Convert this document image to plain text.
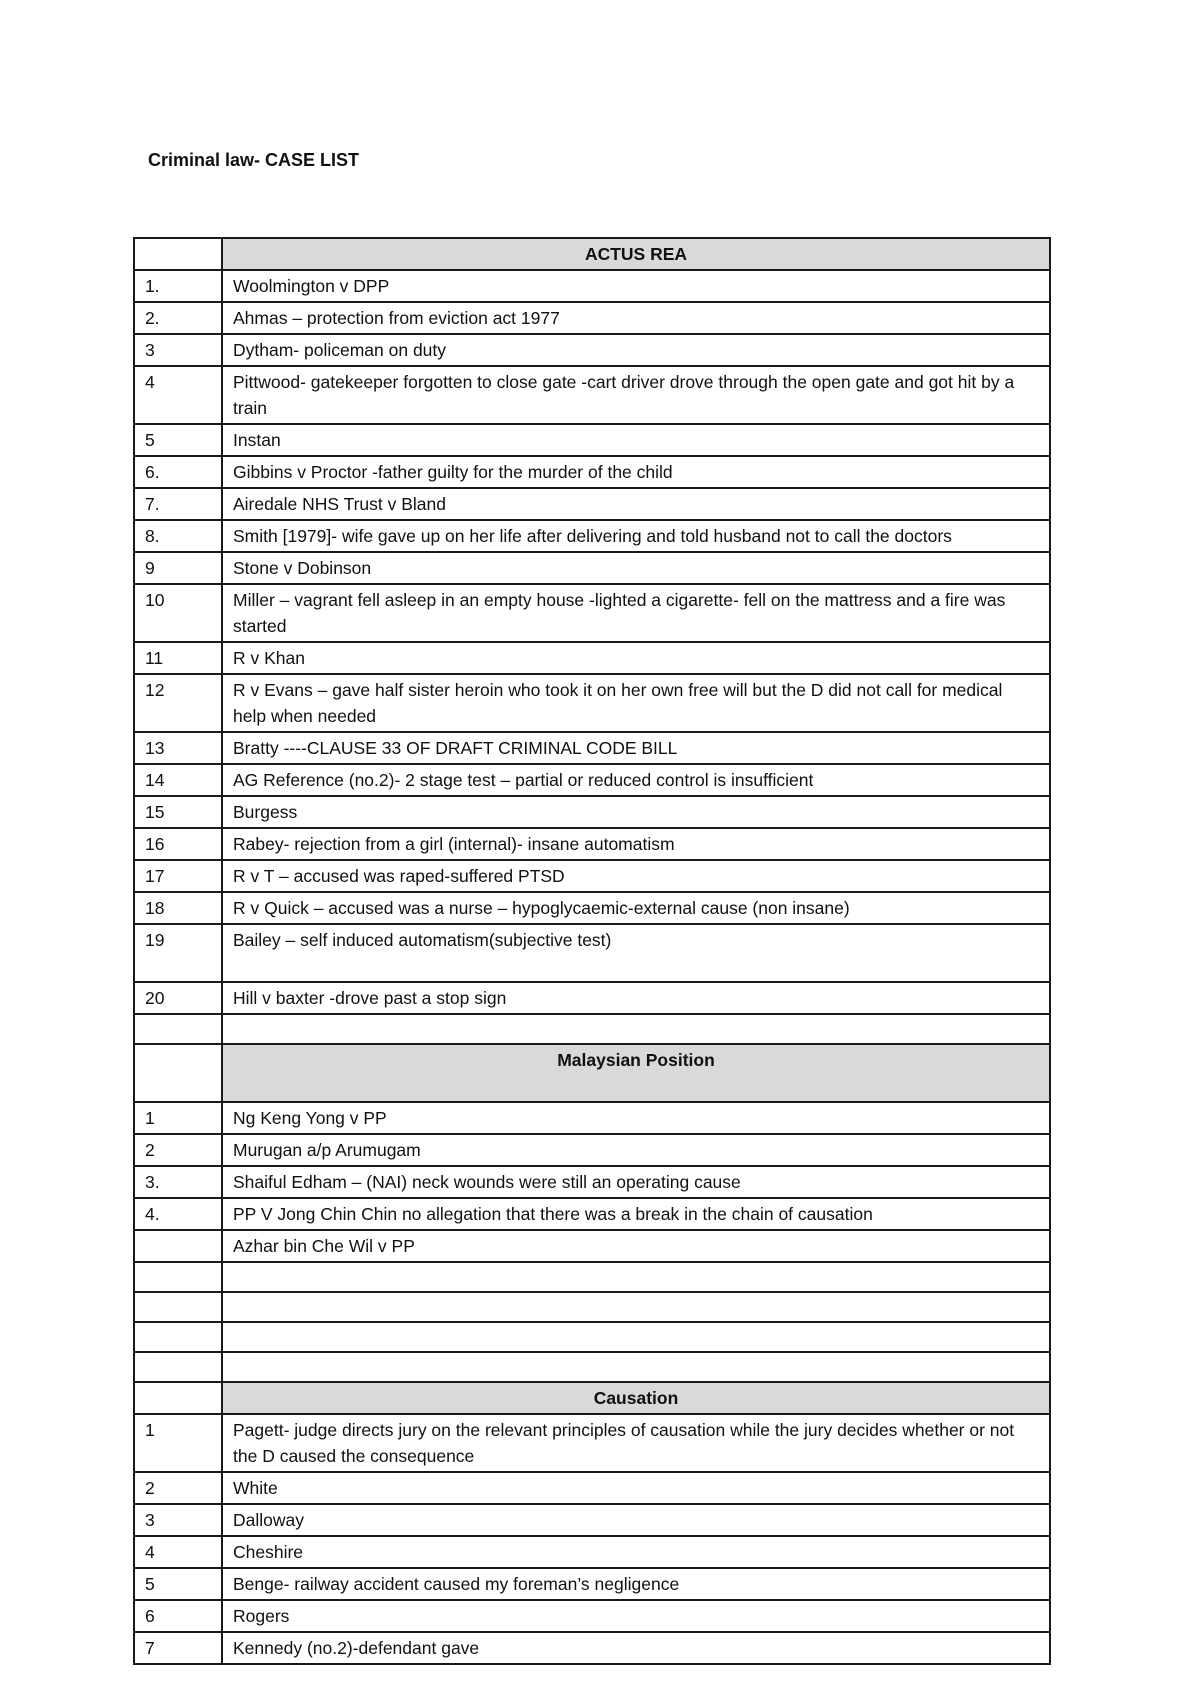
Criminal law- CASE LIST
	ACTUS REA
1.	Woolmington v DPP
2.	Ahmas – protection from eviction act 1977
3	Dytham- policeman on duty
4	Pittwood- gatekeeper forgotten to close gate -cart driver drove through the open gate and got hit by a train
5	Instan
6.	Gibbins v Proctor -father guilty for the murder of the child
7.	Airedale NHS Trust v Bland
8.	Smith [1979]- wife gave up on her life after delivering and told husband not to call the doctors
9	Stone v Dobinson
10	Miller – vagrant fell asleep in an empty house -lighted a cigarette- fell on the mattress and a fire was started
11	R v Khan
12	R v Evans – gave half sister heroin who took it on her own free will but the D did not call for medical help when needed
13	Bratty ----CLAUSE 33 OF DRAFT CRIMINAL CODE BILL
14	AG Reference (no.2)- 2 stage test – partial or reduced control is insufficient
15	Burgess
16	Rabey- rejection from a girl (internal)- insane automatism
17	R v T – accused was raped-suffered PTSD
18	R v Quick – accused was a nurse – hypoglycaemic-external cause (non insane)
19	Bailey – self induced automatism(subjective test)
20	Hill v baxter -drove past a stop sign

	Malaysian Position
1	Ng Keng Yong v PP
2	Murugan a/p Arumugam
3.	Shaiful Edham – (NAI) neck wounds were still an operating cause
4.	PP V Jong Chin Chin no allegation that there was a break in the chain of causation
	Azhar bin Che Wil v PP

	Causation
1	Pagett- judge directs jury on the relevant principles of causation while the jury decides whether or not the D caused the consequence
2	White
3	Dalloway
4	Cheshire
5	Benge- railway accident caused my foreman’s negligence
6	Rogers
7	Kennedy (no.2)-defendant gave
